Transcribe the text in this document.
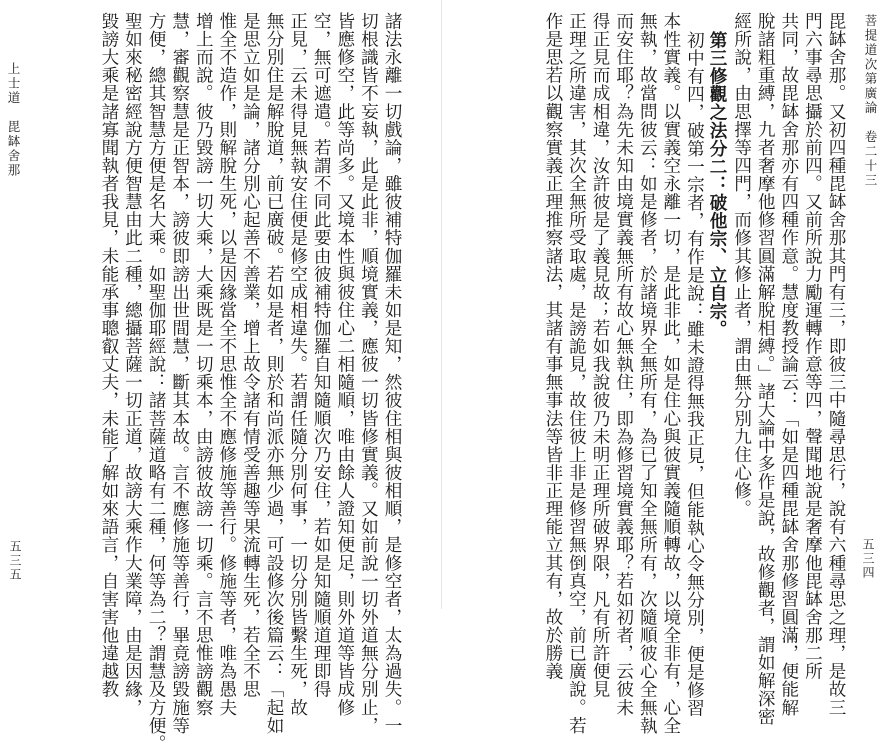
菩提道次第廣論　卷二十三
毘缽舍那。又初四種毘缽舍那其門有三，即彼三中隨尋思行，說有六種尋思之理，是故三
門六事尋思攝於前四。又前所說力勵運轉作意等四，聲聞地說是奢摩他毘缽舍那二所
共同，故毘缽舍那亦有四種作意。慧度教授論云：「如是四種毘缽舍那修習圓滿，便能解
脫諸粗重縛，九者奢摩他修習圓滿解脫相縛。」諸大論中多作是說，故修觀者，謂如解深密
經所說，由思擇等四門，而修其修止者，謂由無分別九住心修。
第三修觀之法分二：破他宗、立自宗。
初中有四，破第一宗者，有作是說：雖未證得無我正見，但能執心令無分別，便是修習
本性實義。以實義空永離一切，是此非此，如是住心與彼實義隨順轉故，以境全非有，心全
無執，故當問彼云：如是修者，於諸境界全無所有，為已了知全無所有，次隨順彼心全無執
而安住耶？為先未知由境實義無所有故心無執住，即為修習境實義耶？若如初者，云彼未
得正見而成相違，汝許彼是了義見故；若如我說彼乃未明正理所破界限，凡有所許便見
正理之所違害，其次全無所受取處，是謗詭見，故住彼上非是修習無倒真空，前已廣說。若
作是思若以觀察實義正理推察諸法，其諸有事無事法等皆非正理能立其有，故於勝義	五三四
諸法永離一切戲論，雖彼補特伽羅未如是知，然彼住相與彼相順，是修空者，太為過失。一
切根識皆不妄執，此是此非，順境實義，應彼一切皆修實義。又如前說一切外道無分別止，
皆應修空，此等尚多。又境本性與彼住心二相隨順，唯由餘人證知便足，則外道等皆成修
空，無可遮遣。若謂不同此要由彼補特伽羅自知隨順次乃安住，若如是知隨順道理即得
正見，云未得見無執安住便是修空成相違失。若謂任隨分別何事，一切分別皆繫生死，故
無分別住是解脫道，前已廣破。若如是者，則於和尚派亦無少過，可設修次後篇云：「起如
是思立如是論，諸分別心起善不善業，增上故令諸有情受善趣等果流轉生死，若全不思
惟全不造作，則解脫生死，以是因緣當全不思惟全不應修施等善行。修施等者，唯為愚夫
增上而說。彼乃毀謗一切大乘，大乘既是一切乘本，由謗彼故謗一切乘。言不思惟謗觀察
慧，審觀察慧是正智本，謗彼即謗出世間慧，斷其本故。言不應修施等善行，畢竟謗毀施等
方便，總其智慧方便是名大乘。如聖伽耶經說：諸菩薩道略有二種，何等為二？謂慧及方便。
聖如來秘密經說方便智慧由此二種，總攝菩薩一切正道，故謗大乘作大業障，由是因緣，
毀謗大乘是諸寡聞執者我見，未能承事聰叡丈夫，未能了解如來語言，自害害他違越教
上士道　毘缽舍那
五三五
